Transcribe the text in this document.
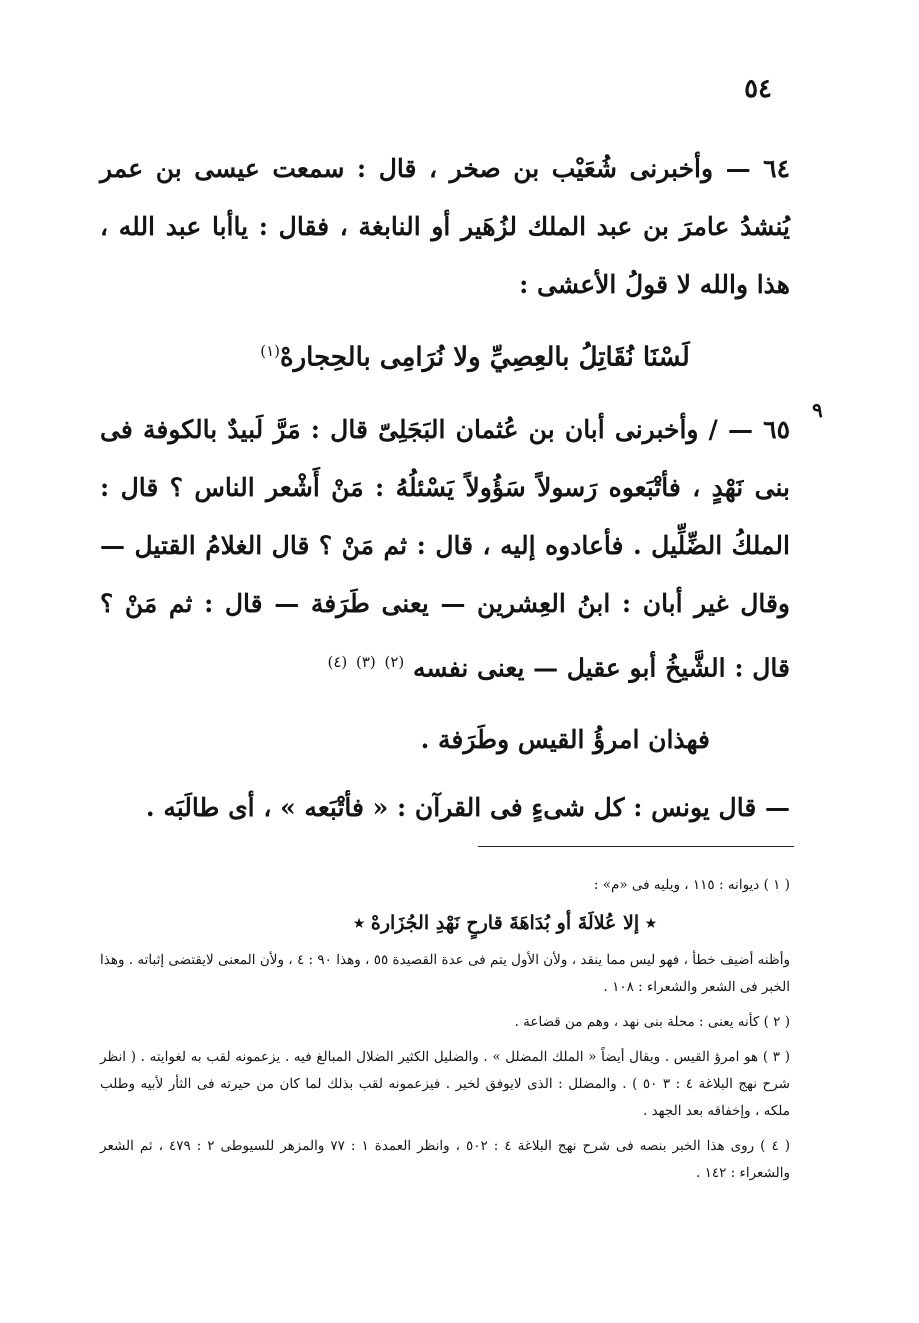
٥٤
٩

٦٤ — وأخبرنى شُعَيْب بن صخر ، قال : سمعت عيسى بن عمر يُنشدُ عامرَ بن عبد الملك لزُهَير أو النابغة ، فقال : ياأبا عبد الله ، هذا والله لا قولُ الأعشى :

لَسْنَا نُقَاتِلُ بالعِصِيِّ ولا نُرَامِى بالحِجارهْ$^{(١)}$

٦٥ — / وأخبرنى أبان بن عُثمان البَجَلِىّ قال : مَرَّ لَبيدٌ بالكوفة فى بنى نَهْدٍ ، فأتْبَعوه رَسولاً سَؤُولاً يَسْئلُهُ : مَنْ أَشْعر الناس ؟ قال : الملكُ الضِّلِّيل . فأعادوه إليه ، قال : ثم مَنْ ؟ قال الغلامُ القتيل — وقال غير أبان : ابنُ العِشرين — يعنى طَرَفة — قال : ثم مَنْ ؟ قال : الشَّيخُ أبو عقيل — يعنى نفسه $^{(٢)}$ $^{(٣)}$ $^{(٤)}$

فهذان امرؤُ القيس وطَرَفة .

— قال يونس : كل شىءٍ فى القرآن : « فأتْبَعه » ، أى طالَبَه .

( ١ ) ديوانه : ١١٥ ، ويليه فى «م» :

٭ إلا عُلالَةَ أو بُدَاهَةَ قارحٍ نَهْدِ الجُزَارهْ ٭

وأظنه أضيف خطأ ، فهو ليس مما ينقد ، ولأن الأول يتم فى عدة القصيدة ٥٥ ، وهذا ٩٠ : ٤ ، ولأن المعنى لايقتضى إثباته . وهذا الخبر فى الشعر والشعراء : ١٠٨ .

( ٢ ) كأنه يعنى : محلة بنى نهد ، وهم من قضاعة .

( ٣ ) هو امرؤ القيس . ويقال أيضاً « الملك المضلل » . والضليل الكثير الضلال المبالغ فيه . يزعمونه لقب به لغوايته . ( انظر شرح نهج البلاغة ٤ : ٣ ٥٠ ) . والمضلل : الذى لايوفق لخير . فيزعمونه لقب بذلك لما كان من حيرته فى الثأر لأبيه وطلب ملكه ، وإخفاقه بعد الجهد .

( ٤ ) روى هذا الخبر بنصه فى شرح نهج البلاغة ٤ : ٥٠٢ ، وانظر العمدة ١ : ٧٧ والمزهر للسيوطى ٢ : ٤٧٩ ، ثم الشعر والشعراء : ١٤٢ .
